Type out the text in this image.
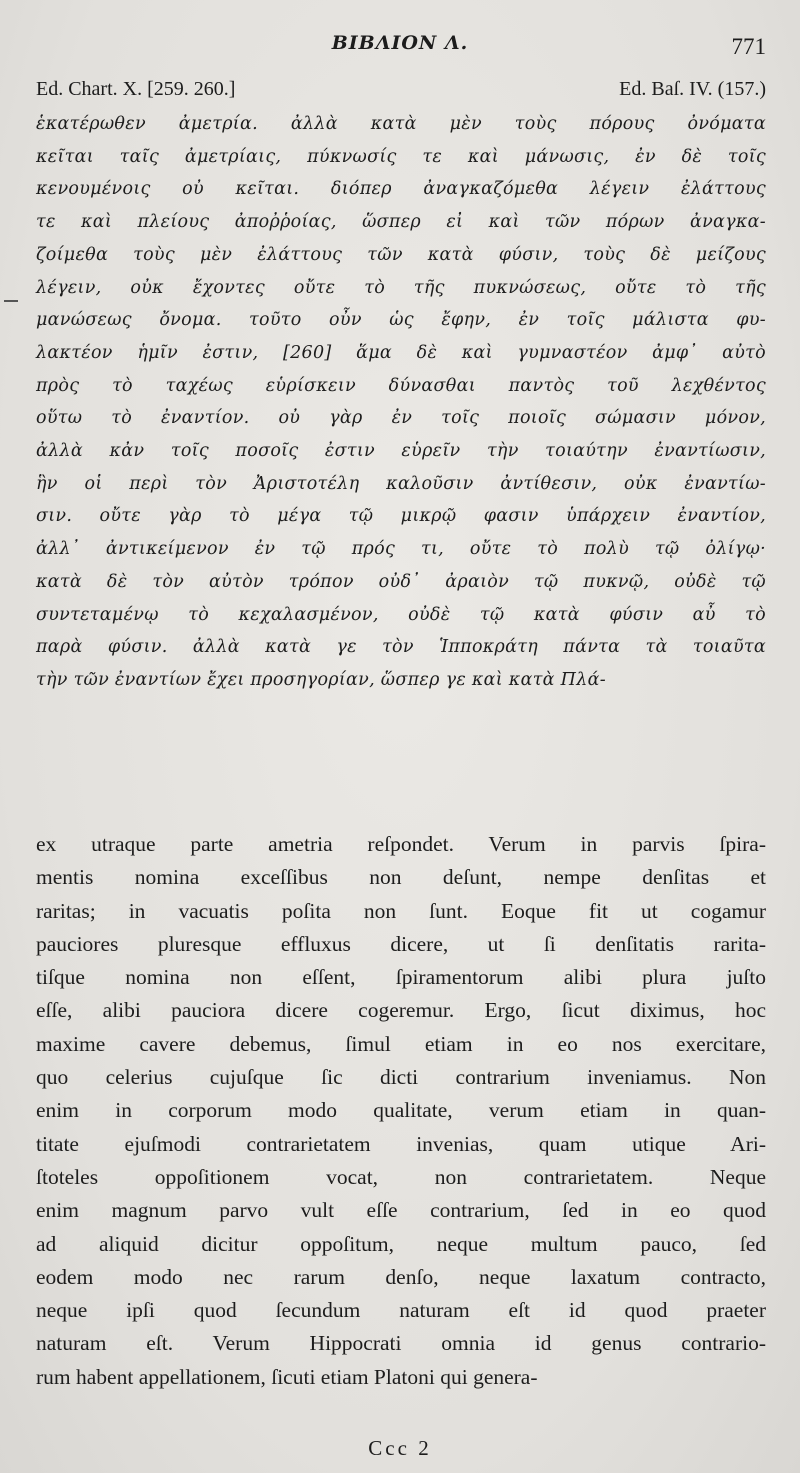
BIBΛION Λ.	771
Ed. Chart. X. [259. 260.]	Ed. Baſ. IV. (157.)
ἑκατέρωθεν ἀμετρία. ἀλλὰ κατὰ μὲν τοὺς πόρους ὀνόματα
κεῖται ταῖς ἀμετρίαις, πύκνωσίς τε καὶ μάνωσις, ἐν δὲ τοῖς
κενουμένοις οὐ κεῖται. διόπερ ἀναγκαζόμεθα λέγειν ἐλάττους
τε καὶ πλείους ἀποῤῥοίας, ὥσπερ εἰ καὶ τῶν πόρων ἀναγκα-
ζοίμεθα τοὺς μὲν ἐλάττους τῶν κατὰ φύσιν, τοὺς δὲ μείζους
λέγειν, οὐκ ἔχοντες οὔτε τὸ τῆς πυκνώσεως, οὔτε τὸ τῆς
μανώσεως ὄνομα. τοῦτο οὖν ὡς ἔφην, ἐν τοῖς μάλιστα φυ-
λακτέον ἡμῖν ἐστιν, [260] ἅμα δὲ καὶ γυμναστέον ἀμφ᾽ αὐτὸ
πρὸς τὸ ταχέως εὑρίσκειν δύνασθαι παντὸς τοῦ λεχθέντος
οὕτω τὸ ἐναντίον. οὐ γὰρ ἐν τοῖς ποιοῖς σώμασιν μόνον,
ἀλλὰ κἀν τοῖς ποσοῖς ἐστιν εὑρεῖν τὴν τοιαύτην ἐναντίωσιν,
ἣν οἱ περὶ τὸν Ἀριστοτέλη καλοῦσιν ἀντίθεσιν, οὐκ ἐναντίω-
σιν. οὔτε γὰρ τὸ μέγα τῷ μικρῷ φασιν ὑπάρχειν ἐναντίον,
ἀλλ᾽ ἀντικείμενον ἐν τῷ πρός τι, οὔτε τὸ πολὺ τῷ ὀλίγῳ·
κατὰ δὲ τὸν αὐτὸν τρόπον οὐδ᾽ ἀραιὸν τῷ πυκνῷ, οὐδὲ τῷ
συντεταμένῳ τὸ κεχαλασμένον, οὐδὲ τῷ κατὰ φύσιν αὖ τὸ
παρὰ φύσιν. ἀλλὰ κατὰ γε τὸν Ἱπποκράτη πάντα τὰ τοιαῦτα
τὴν τῶν ἐναντίων ἔχει προσηγορίαν, ὥσπερ γε καὶ κατὰ Πλά-
ex utraque parte ametria reſpondet. Verum in parvis ſpira-
mentis nomina exceſſibus non deſunt, nempe denſitas et
raritas; in vacuatis poſita non ſunt. Eoque fit ut cogamur
pauciores pluresque effluxus dicere, ut ſi denſitatis rarita-
tiſque nomina non eſſent, ſpiramentorum alibi plura juſto
eſſe, alibi pauciora dicere cogeremur. Ergo, ſicut diximus, hoc
maxime cavere debemus, ſimul etiam in eo nos exercitare,
quo celerius cujuſque ſic dicti contrarium inveniamus. Non
enim in corporum modo qualitate, verum etiam in quan-
titate ejuſmodi contrarietatem invenias, quam utique Ari-
ſtoteles oppoſitionem vocat, non contrarietatem. Neque
enim magnum parvo vult eſſe contrarium, ſed in eo quod
ad aliquid dicitur oppoſitum, neque multum pauco, ſed
eodem modo nec rarum denſo, neque laxatum contracto,
neque ipſi quod ſecundum naturam eſt id quod praeter
naturam eſt. Verum Hippocrati omnia id genus contrario-
rum habent appellationem, ſicuti etiam Platoni qui genera-
Ccc 2
